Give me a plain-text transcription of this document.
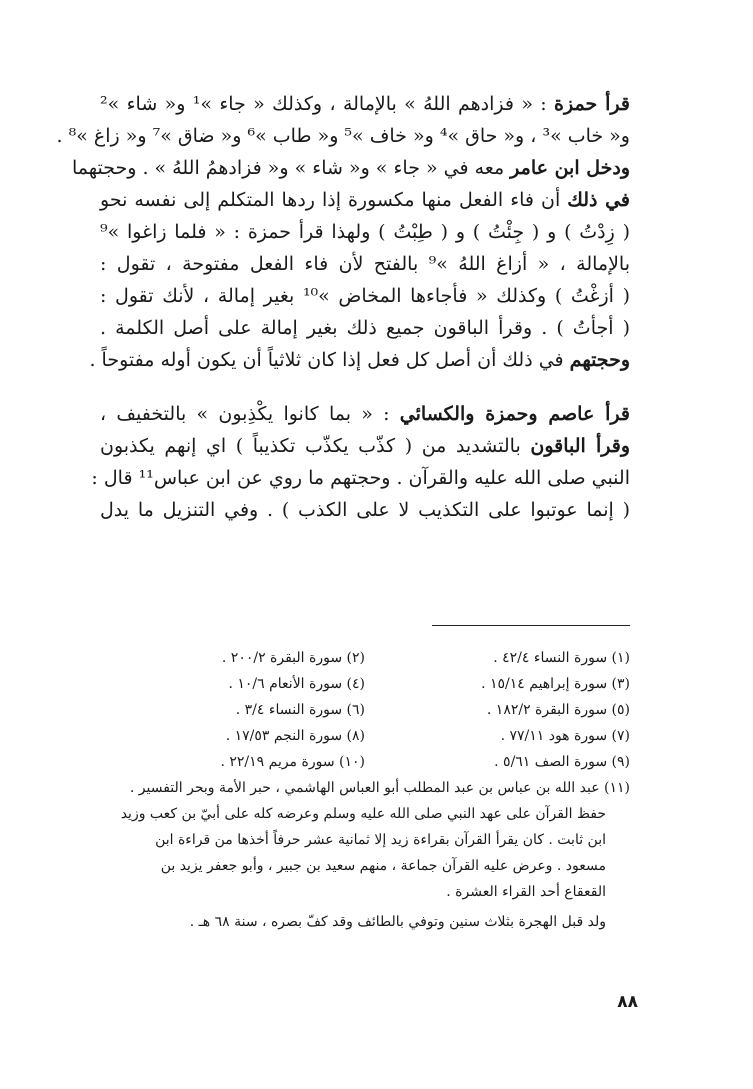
قرأ حمزة : « فزادهم اللهُ » بالإمالة ، وكذلك « جاء »¹ و« شاء »²
و« خاب »³ ، و« حاق »⁴ و« خاف »⁵ و« طاب »⁶ و« ضاق »⁷ و« زاغ »⁸ .
ودخل ابن عامر معه في « جاء » و« شاء » و« فزادهمُ اللهُ » . وحجتهما
في ذلك أن فاء الفعل منها مكسورة إذا ردها المتكلم إلى نفسه نحو
( زِدْتُ ) و ( جِئْتُ ) و ( طِبْتُ ) ولهذا قرأ حمزة : « فلما زاغوا »⁹
بالإمالة ، « أزاغ اللهُ »⁹ بالفتح لأن فاء الفعل مفتوحة ، تقول :
( أزغْتُ ) وكذلك « فأجاءها المخاض »¹⁰ بغير إمالة ، لأنك تقول :
( أجأتُ ) . وقرأ الباقون جميع ذلك بغير إمالة على أصل الكلمة .
وحجتهم في ذلك أن أصل كل فعل إذا كان ثلاثياً أن يكون أوله مفتوحاً .
قرأ عاصم وحمزة والكسائي : « بما كانوا يكْذِبون » بالتخفيف ،
وقرأ الباقون بالتشديد من ( كذّب يكذّب تكذيباً ) اي إنهم يكذبون
النبي صلى الله عليه والقرآن . وحجتهم ما روي عن ابن عباس¹¹ قال :
( إنما عوتبوا على التكذيب لا على الكذب ) . وفي التنزيل ما يدل
(١) سورة النساء ٤٢/٤ .
(٢) سورة البقرة ٢٠٠/٢ .
(٣) سورة إبراهيم ١٥/١٤ .
(٤) سورة الأنعام ١٠/٦ .
(٥) سورة البقرة ١٨٢/٢ .
(٦) سورة النساء ٣/٤ .
(٧) سورة هود ٧٧/١١ .
(٨) سورة النجم ١٧/٥٣ .
(٩) سورة الصف ٥/٦١ .
(١٠) سورة مريم ٢٢/١٩ .
(١١) عبد الله بن عباس بن عبد المطلب أبو العباس الهاشمي ، حبر الأمة وبحر التفسير .
حفظ القرآن على عهد النبي صلى الله عليه وسلم وعرضه كله على أبيّ بن كعب وزيد
ابن ثابت . كان يقرأ القرآن بقراءة زيد إلا ثمانية عشر حرفاً أخذها من قراءة ابن
مسعود . وعرض عليه القرآن جماعة ، منهم سعيد بن جبير ، وأبو جعفر يزيد بن
القعقاع أحد القراء العشرة .
ولد قبل الهجرة بثلاث سنين وتوفي بالطائف وقد كفّ بصره ، سنة ٦٨ هـ .
٨٨
